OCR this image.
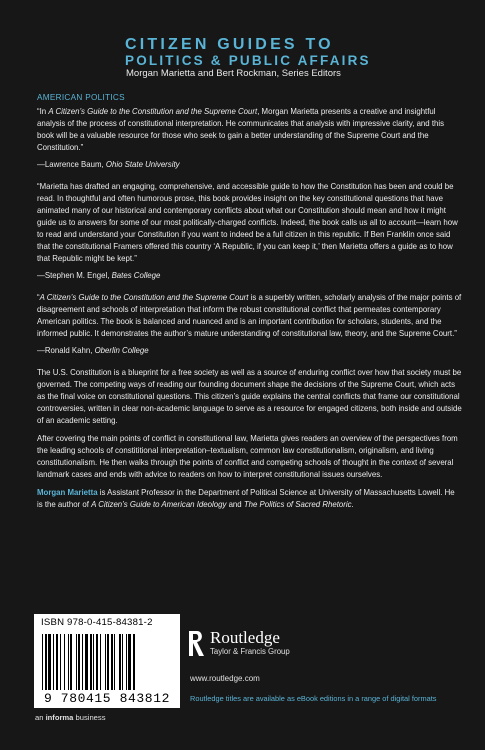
CITIZEN GUIDES TO
POLITICS & PUBLIC AFFAIRS
Morgan Marietta and Bert Rockman, Series Editors
AMERICAN POLITICS

“In A Citizen’s Guide to the Constitution and the Supreme Court, Morgan Marietta presents a creative and insightful analysis of the process of constitutional interpretation. He communicates that analysis with impressive clarity, and this book will be a valuable resource for those who seek to gain a better understanding of the Supreme Court and the Constitution.”

—Lawrence Baum, Ohio State University

“Marietta has drafted an engaging, comprehensive, and accessible guide to how the Constitution has been and could be read. In thoughtful and often humorous prose, this book provides insight on the key constitutional questions that have animated many of our historical and contemporary conflicts about what our Constitution should mean and how it might guide us to answers for some of our most politically-charged conflicts. Indeed, the book calls us all to account—learn how to read and understand your Constitution if you want to indeed be a full citizen in this republic. If Ben Franklin once said that the constitutional Framers offered this country ‘A Republic, if you can keep it,’ then Marietta offers a guide as to how that Republic might be kept.”

—Stephen M. Engel, Bates College

“A Citizen’s Guide to the Constitution and the Supreme Court is a superbly written, scholarly analysis of the major points of disagreement and schools of interpretation that inform the robust constitutional conflict that permeates contemporary American politics. The book is balanced and nuanced and is an important contribution for scholars, students, and the informed public. It demonstrates the author’s mature understanding of constitutional law, theory, and the Supreme Court.”

—Ronald Kahn, Oberlin College

The U.S. Constitution is a blueprint for a free society as well as a source of enduring conflict over how that society must be governed. The competing ways of reading our founding document shape the decisions of the Supreme Court, which acts as the final voice on constitutional questions. This citizen’s guide explains the central conflicts that frame our constitutional controversies, written in clear non-academic language to serve as a resource for engaged citizens, both inside and outside of an academic setting.

After covering the main points of conflict in constitutional law, Marietta gives readers an overview of the perspectives from the leading schools of constititional interpretation–textualism, common law constitutionalism, originalism, and living constitutionalism. He then walks through the points of conflict and competing schools of thought in the context of several landmark cases and ends with advice to readers on how to interpret constitutional issues ourselves.

Morgan Marietta is Assistant Professor in the Department of Political Science at University of Massachusetts Lowell. He is the author of A Citizen’s Guide to American Ideology and The Politics of Sacred Rhetoric.

ISBN 978-0-415-84381-2
9 780415 843812
Routledge
Taylor & Francis Group
www.routledge.com
Routledge titles are available as eBook editions in a range of digital formats
an informa business
